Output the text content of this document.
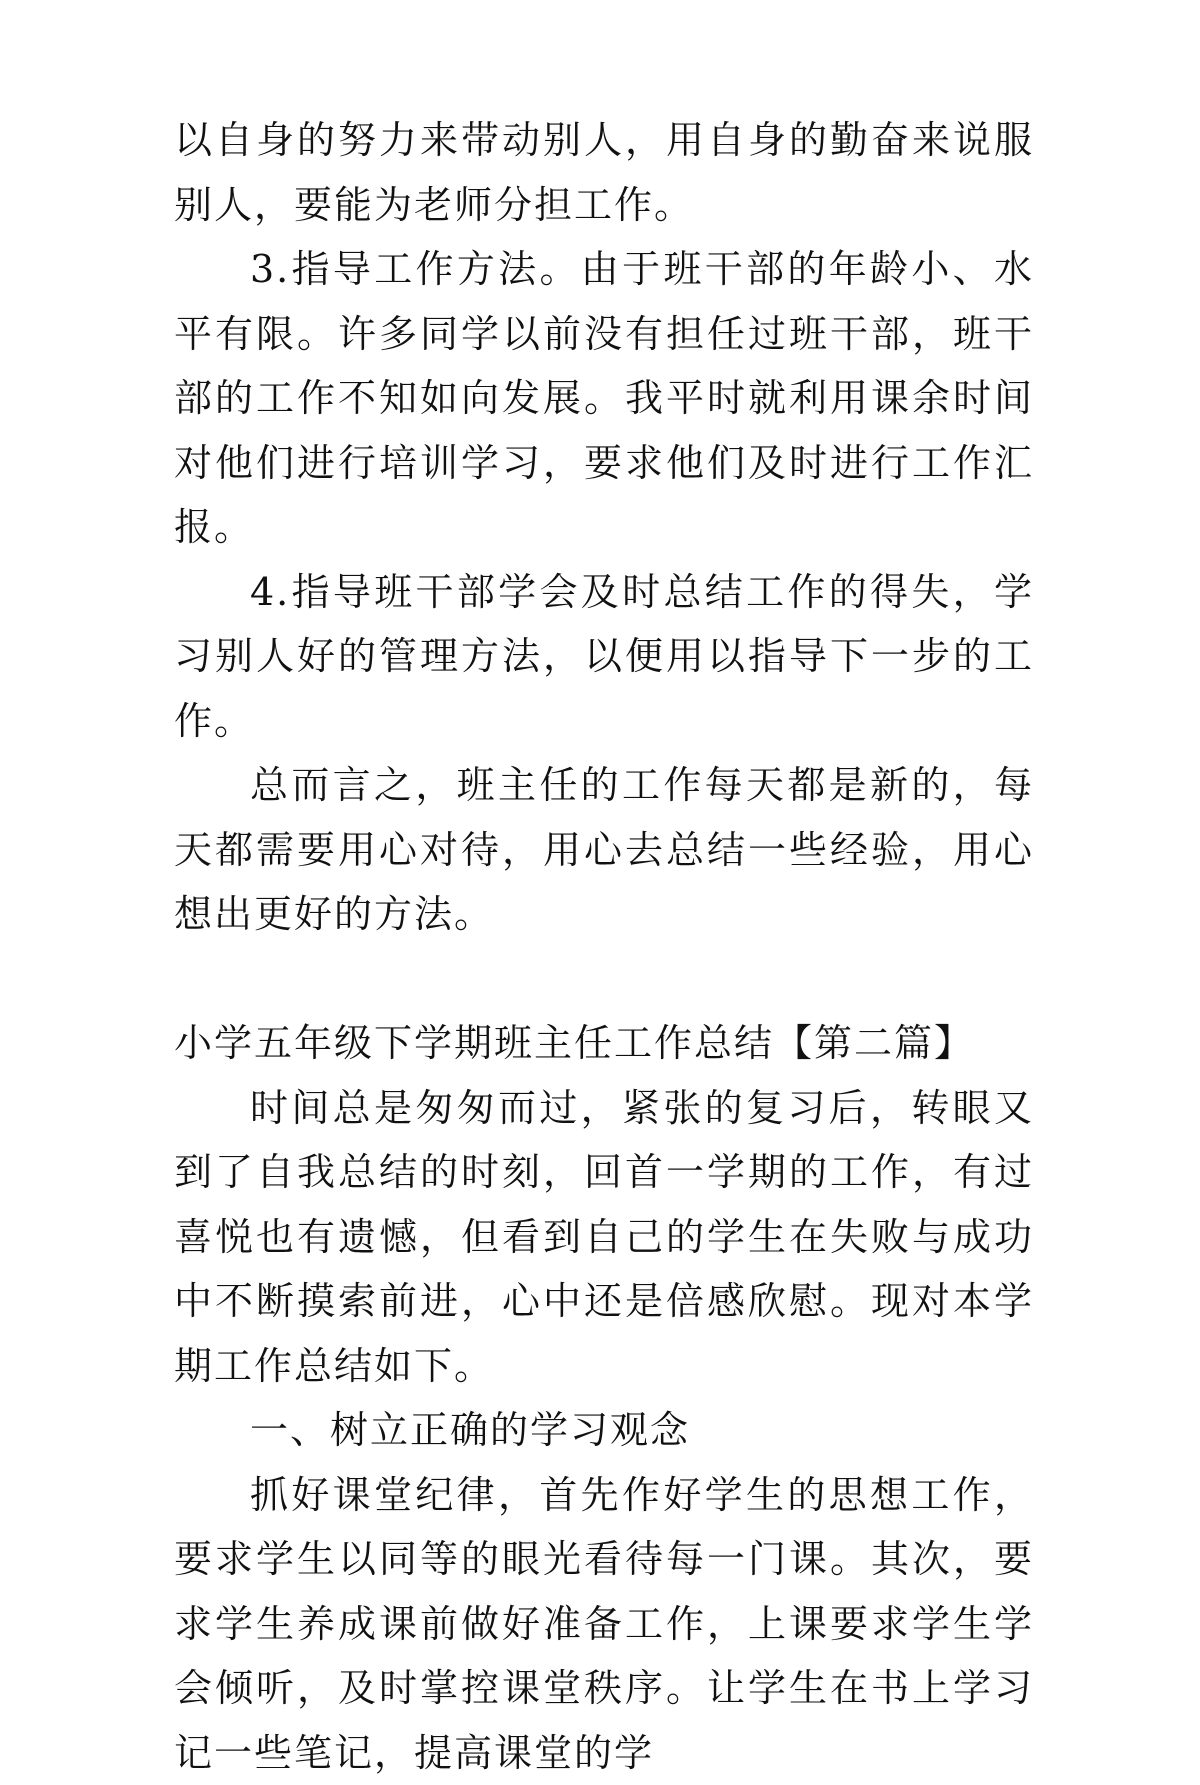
以自身的努力来带动别人，用自身的勤奋来说服别人，要能为老师分担工作。

3.指导工作方法。由于班干部的年龄小、水平有限。许多同学以前没有担任过班干部，班干部的工作不知如向发展。我平时就利用课余时间对他们进行培训学习，要求他们及时进行工作汇报。

4.指导班干部学会及时总结工作的得失，学习别人好的管理方法，以便用以指导下一步的工作。

总而言之，班主任的工作每天都是新的，每天都需要用心对待，用心去总结一些经验，用心想出更好的方法。

小学五年级下学期班主任工作总结【第二篇】

时间总是匆匆而过，紧张的复习后，转眼又到了自我总结的时刻，回首一学期的工作，有过喜悦也有遗憾，但看到自己的学生在失败与成功中不断摸索前进，心中还是倍感欣慰。现对本学期工作总结如下。

一、树立正确的学习观念

抓好课堂纪律，首先作好学生的思想工作，要求学生以同等的眼光看待每一门课。其次，要求学生养成课前做好准备工作，上课要求学生学会倾听，及时掌控课堂秩序。让学生在书上学习记一些笔记，提高课堂的学
